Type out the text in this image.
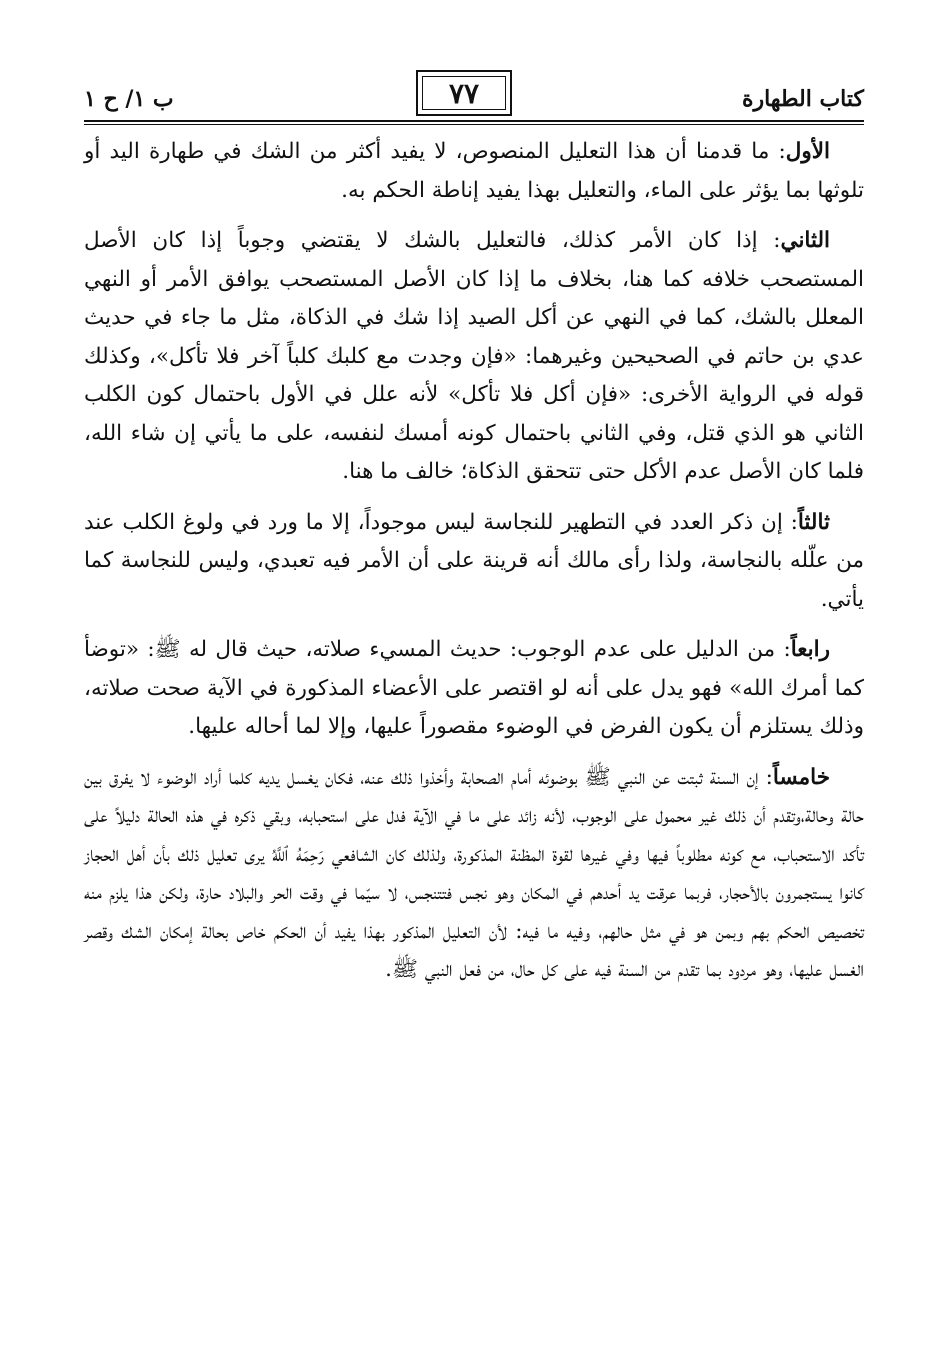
كتاب الطهارة
٧٧
ب ١/ ح ١

الأول: ما قدمنا أن هذا التعليل المنصوص، لا يفيد أكثر من الشك في طهارة اليد أو تلوثها بما يؤثر على الماء، والتعليل بهذا يفيد إناطة الحكم به.

الثاني: إذا كان الأمر كذلك، فالتعليل بالشك لا يقتضي وجوباً إذا كان الأصل المستصحب خلافه كما هنا، بخلاف ما إذا كان الأصل المستصحب يوافق الأمر أو النهي المعلل بالشك، كما في النهي عن أكل الصيد إذا شك في الذكاة، مثل ما جاء في حديث عدي بن حاتم في الصحيحين وغيرهما: «فإن وجدت مع كلبك كلباً آخر فلا تأكل»، وكذلك قوله في الرواية الأخرى: «فإن أكل فلا تأكل» لأنه علل في الأول باحتمال كون الكلب الثاني هو الذي قتل، وفي الثاني باحتمال كونه أمسك لنفسه، على ما يأتي إن شاء الله، فلما كان الأصل عدم الأكل حتى تتحقق الذكاة؛ خالف ما هنا.

ثالثاً: إن ذكر العدد في التطهير للنجاسة ليس موجوداً، إلا ما ورد في ولوغ الكلب عند من علّله بالنجاسة، ولذا رأى مالك أنه قرينة على أن الأمر فيه تعبدي، وليس للنجاسة كما يأتي.

رابعاً: من الدليل على عدم الوجوب: حديث المسيء صلاته، حيث قال له ﷺ: «توضأ كما أمرك الله» فهو يدل على أنه لو اقتصر على الأعضاء المذكورة في الآية صحت صلاته، وذلك يستلزم أن يكون الفرض في الوضوء مقصوراً عليها، وإلا لما أحاله عليها.

خامساً: إن السنة ثبتت عن النبي ﷺ بوضوئه أمام الصحابة وأخذوا ذلك عنه، فكان يغسل يديه كلما أراد الوضوء لا يفرق بين حالة وحالة،وتقدم أن ذلك غير محمول على الوجوب، لأنه زائد على ما في الآية فدل على استحبابه، وبقي ذكره في هذه الحالة دليلاً على تأكد الاستحباب، مع كونه مطلوباً فيها وفي غيرها لقوة المظنة المذكورة، ولذلك كان الشافعي رَحِمَهُ ٱللَّهُ يرى تعليل ذلك بأن أهل الحجاز كانوا يستجمرون بالأحجار، فربما عرقت يد أحدهم في المكان وهو نجس فتتنجس، لا سيّما في وقت الحر والبلاد حارة، ولكن هذا يلزم منه تخصيص الحكم بهم وبمن هو في مثل حالهم، وفيه ما فيه: لأن التعليل المذكور بهذا يفيد أن الحكم خاص بحالة إمكان الشك وقصر الغسل عليها، وهو مردود بما تقدم من السنة فيه على كل حال، من فعل النبي ﷺ.
